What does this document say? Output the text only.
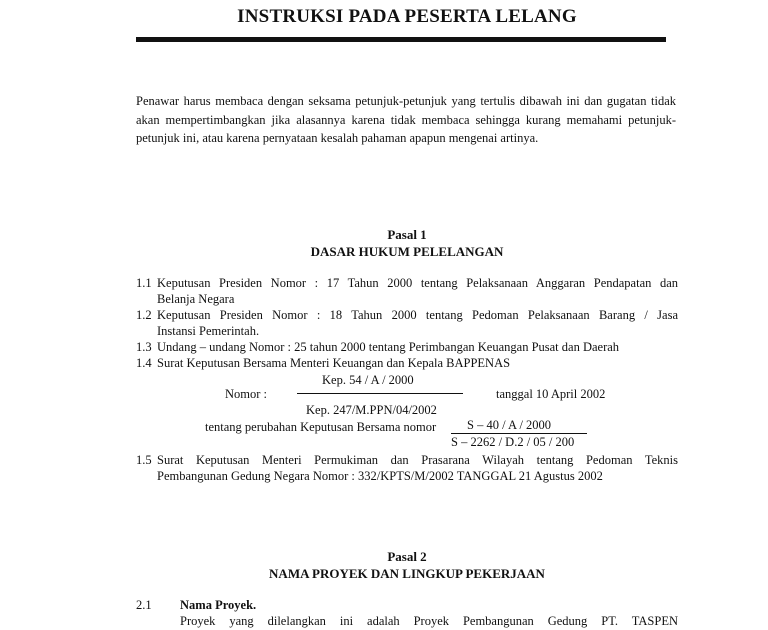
INSTRUKSI PADA PESERTA LELANG
Penawar harus membaca dengan seksama petunjuk-petunjuk yang tertulis dibawah ini dan gugatan tidak akan mempertimbangkan jika alasannya karena tidak membaca sehingga kurang memahami petunjuk-petunjuk ini, atau karena pernyataan kesalah pahaman apapun mengenai artinya.
Pasal 1
DASAR HUKUM PELELANGAN
1.1 Keputusan Presiden Nomor : 17 Tahun 2000 tentang Pelaksanaan Anggaran Pendapatan dan
Belanja Negara
1.2 Keputusan Presiden Nomor : 18 Tahun 2000 tentang Pedoman Pelaksanaan Barang / Jasa
Instansi Pemerintah.
1.3 Undang – undang Nomor : 25 tahun 2000 tentang Perimbangan Keuangan Pusat dan Daerah
1.4 Surat Keputusan Bersama Menteri Keuangan dan Kepala BAPPENAS
Kep. 54 / A / 2000
Nomor :	tanggal 10 April 2002
Kep. 247/M.PPN/04/2002
tentang perubahan Keputusan Bersama nomor S – 40 / A / 2000
S – 2262 / D.2 / 05 / 200
1.5 Surat Keputusan Menteri Permukiman dan Prasarana Wilayah tentang Pedoman Teknis
Pembangunan Gedung Negara Nomor : 332/KPTS/M/2002 TANGGAL 21 Agustus 2002
Pasal 2
NAMA PROYEK DAN LINGKUP PEKERJAAN
2.1 Nama Proyek.
Proyek yang dilelangkan ini adalah Proyek Pembangunan Gedung PT. TASPEN
